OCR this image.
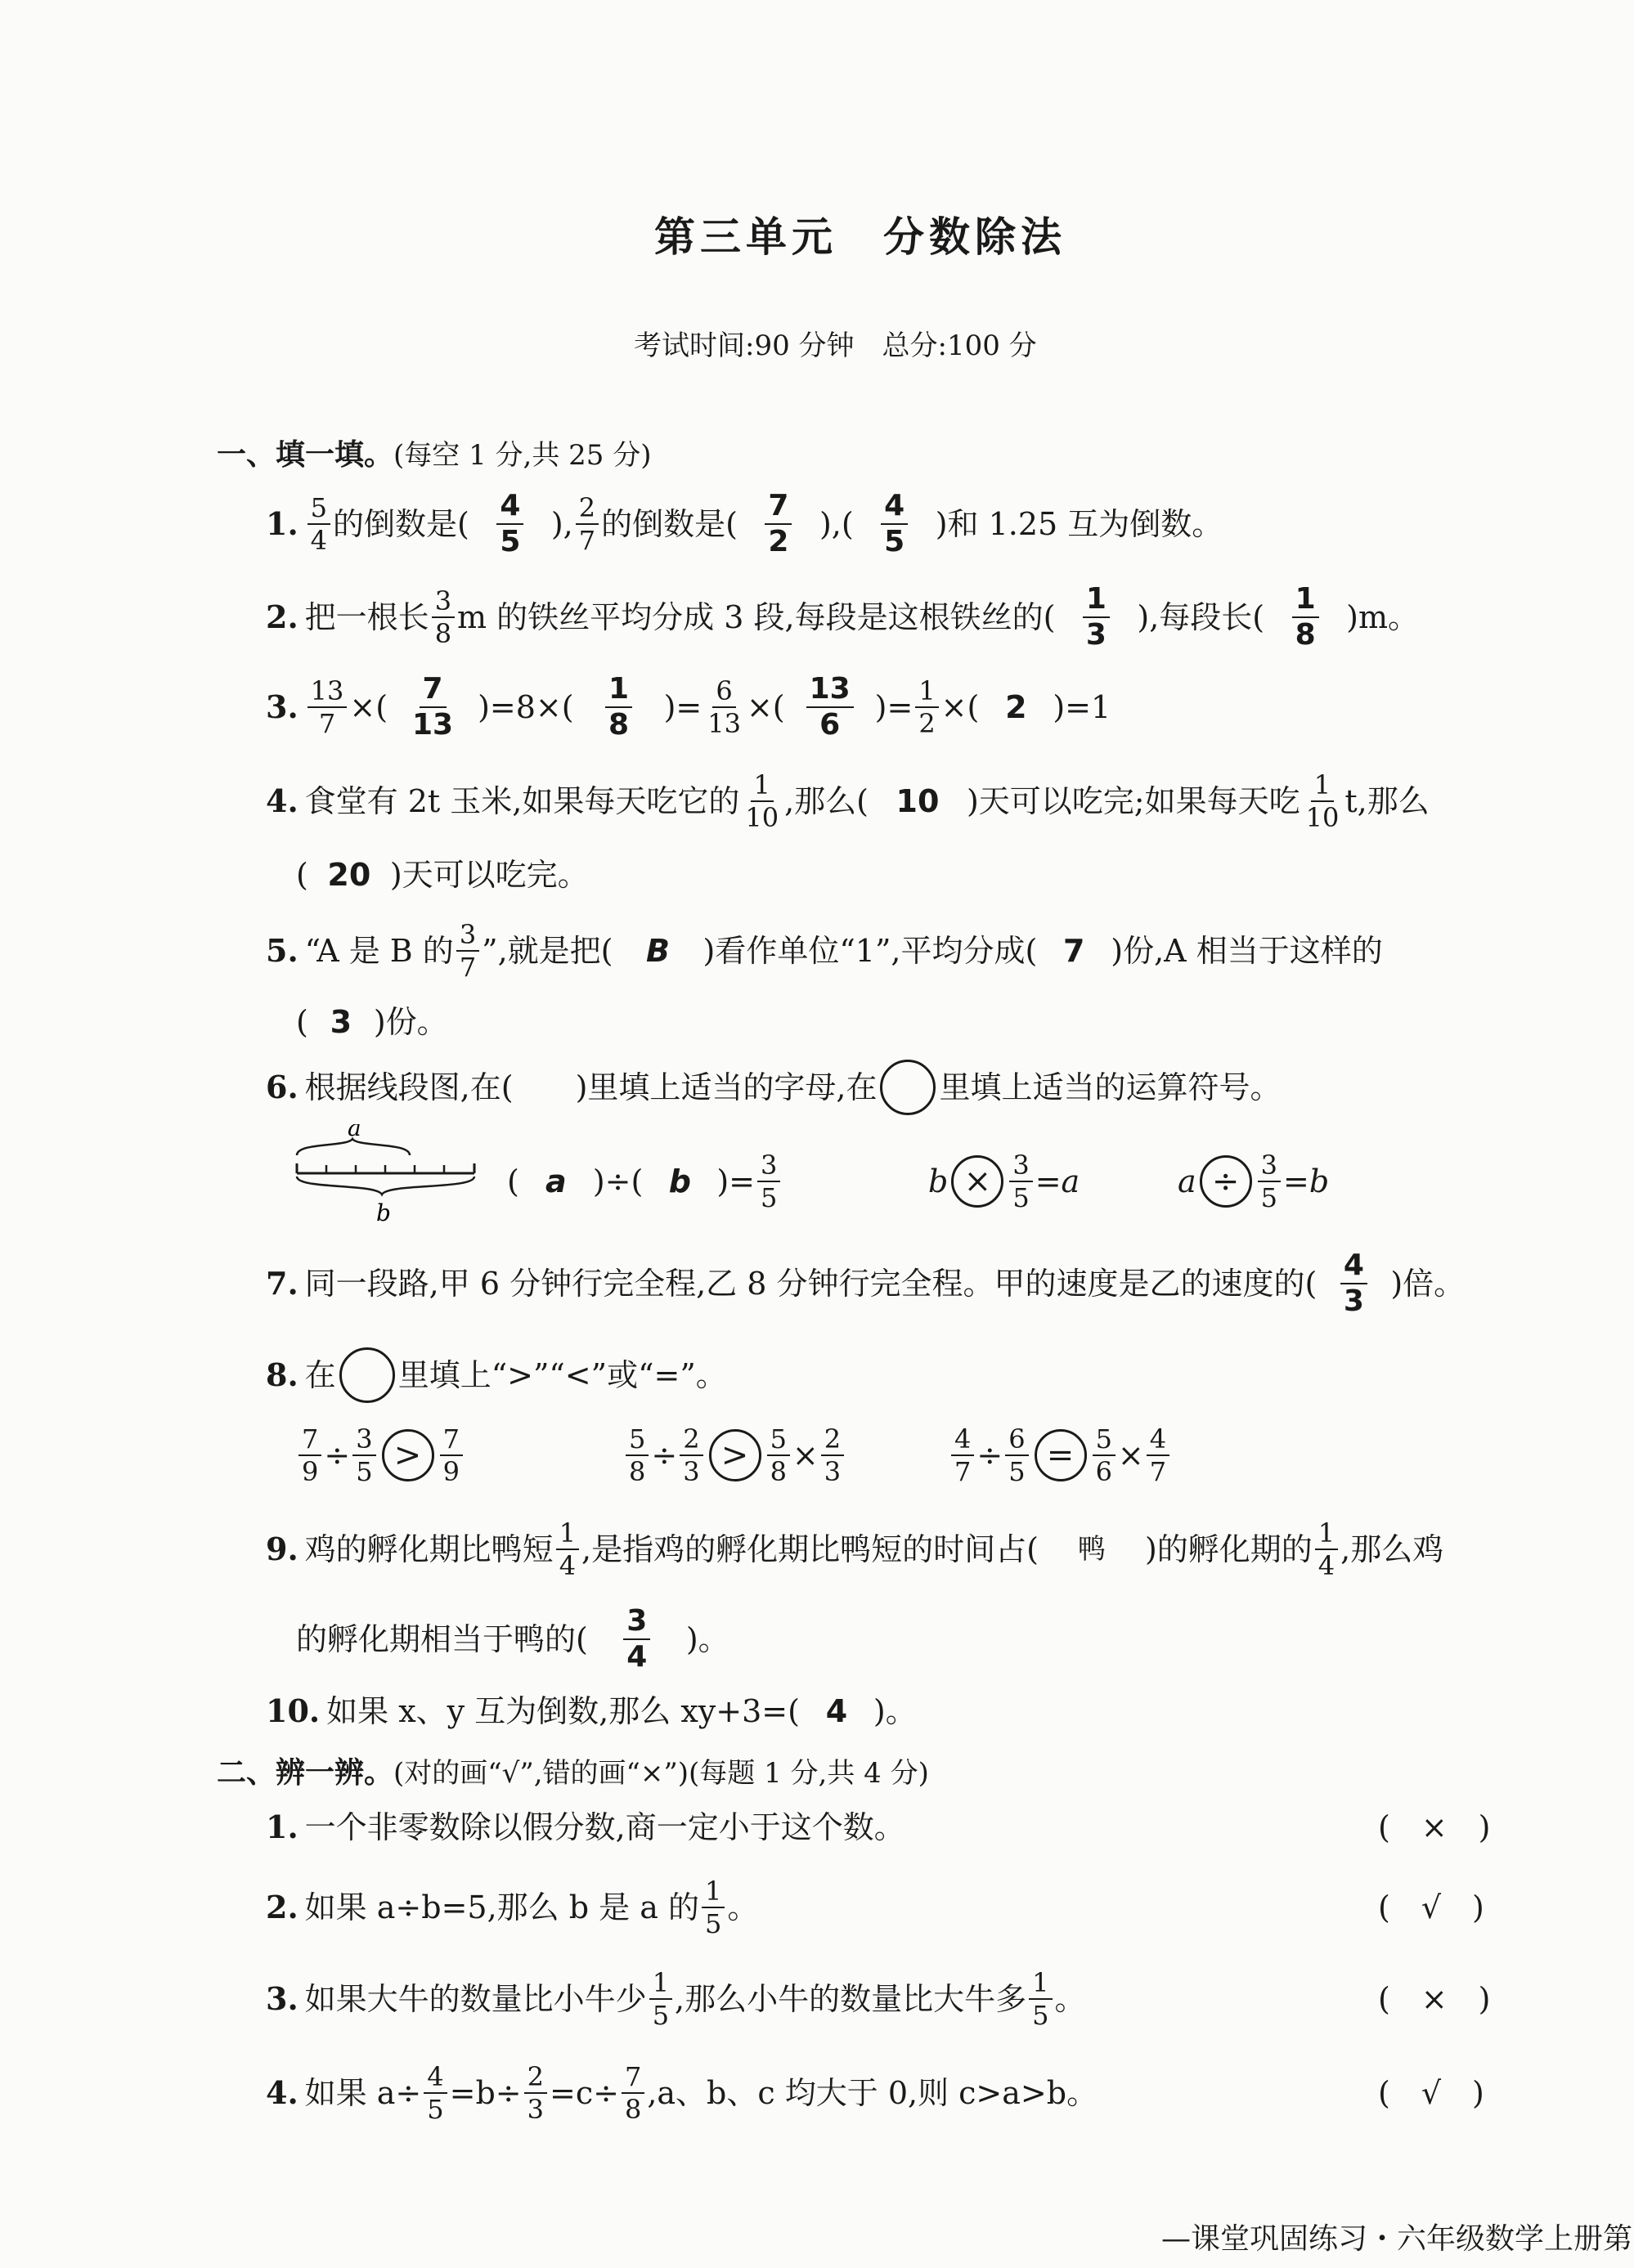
第三单元　分数除法
考试时间:90 分钟　总分:100 分
一、填一填。(每空 1 分,共 25 分)
1. $\frac{5}{4}$ 的倒数是( $\frac{4}{5}$ ), $\frac{2}{7}$ 的倒数是( $\frac{7}{2}$ ),( $\frac{4}{5}$ )和 1.25 互为倒数。
2. 把一根长 $\frac{3}{8}$ m 的铁丝平均分成 3 段,每段是这根铁丝的( $\frac{1}{3}$ ),每段长( $\frac{1}{8} )m$。
3. $\frac{13}{7}$ ×( $\frac{7}{13} )=8\times( \frac{1}{8}$ )= $\frac{6}{13}$ ×( $\frac{13}{6}$ )= $\frac{1}{2}$ ×( 2 )=1
4. 食堂有 2t 玉米,如果每天吃它的 $\frac{1}{10}$ ,那么( 10 )天可以吃完;如果每天吃 $\frac{1}{10} t$,那么
( 20 )天可以吃完。
5. “A 是 B 的 $\frac{3}{7}$ ”,就是把(	B	)看作单位“1”,平均分成( 7 )份,A 相当于这样的
( 3 )份。
6. 根据线段图,在(　　)里填上适当的字母,在 里填上适当的运算符号。
a
b
( a )÷( b )= $\frac{3}{5}$	$b \times \frac{3}{5} =a$	$a \div \frac{3}{5} =b$
7. 同一段路,甲 6 分钟行完全程,乙 8 分钟行完全程。甲的速度是乙的速度的( $\frac{4}{3}$ )倍。
8. 在 里填上“>”“<”或“=”。
$\frac{7}{9} \div \frac{3}{5} > \frac{7}{9}$	$\frac{5}{8} \div \frac{2}{3} > \frac{5}{8} \times \frac{2}{3}$	$\frac{4}{7} \div \frac{6}{5} = \frac{5}{6} \times \frac{4}{7}$
9. 鸡的孵化期比鸭短 $\frac{1}{4}$ ,是指鸡的孵化期比鸭短的时间占(	鸭	)的孵化期的 $\frac{1}{4}$ ,那么鸡
的孵化期相当于鸭的( $\frac{3}{4}$ )。
10. 如果 x、y 互为倒数,那么 xy+3=( 4 )。
二、辨一辨。(对的画“√”,错的画“×”)(每题 1 分,共 4 分)
1. 一个非零数除以假分数,商一定小于这个数。	(　×　)
2. 如果 a÷b=5,那么 b 是 a 的 $\frac{1}{5}$ 。	(　√　)
3. 如果大牛的数量比小牛少 $\frac{1}{5}$ ,那么小牛的数量比大牛多 $\frac{1}{5}$ 。	(　×　)
4. 如果 $a\div \frac{4}{5} =b\div \frac{2}{3} =c\div \frac{7}{8} ,a$、b、c 均大于 0,则 c>a>b。	(　√　)
—课堂巩固练习・六年级数学上册第
